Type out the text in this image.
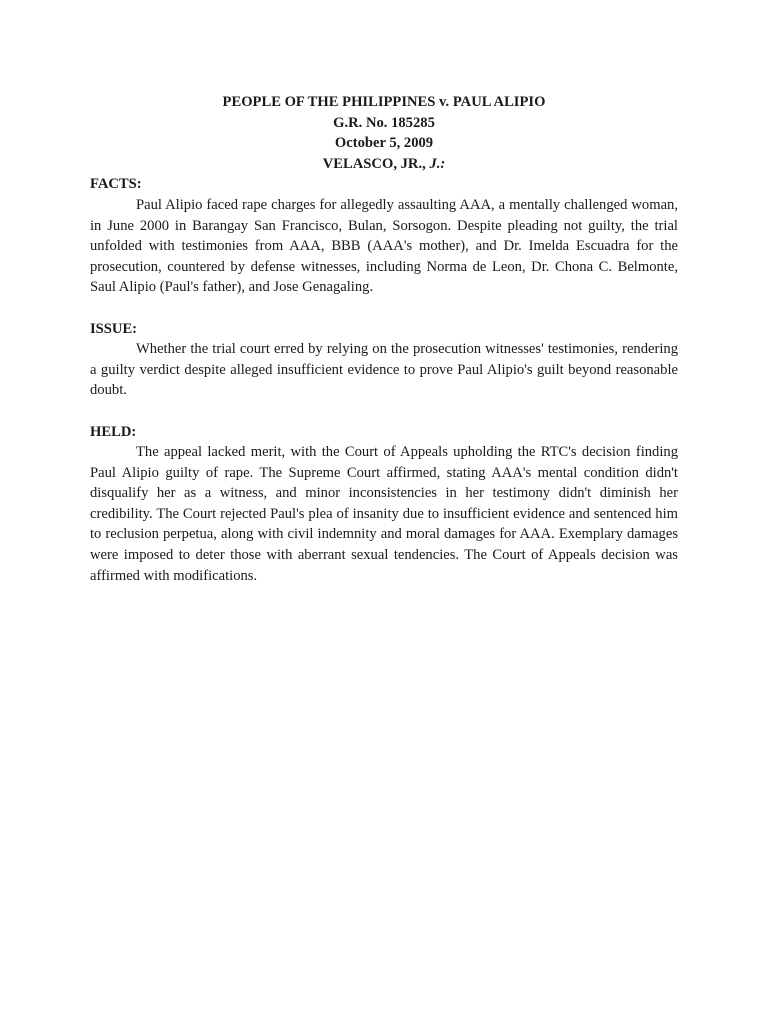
PEOPLE OF THE PHILIPPINES v. PAUL ALIPIO
G.R. No. 185285
October 5, 2009
VELASCO, JR., J.:
FACTS:

Paul Alipio faced rape charges for allegedly assaulting AAA, a mentally challenged woman, in June 2000 in Barangay San Francisco, Bulan, Sorsogon. Despite pleading not guilty, the trial unfolded with testimonies from AAA, BBB (AAA's mother), and Dr. Imelda Escuadra for the prosecution, countered by defense witnesses, including Norma de Leon, Dr. Chona C. Belmonte, Saul Alipio (Paul's father), and Jose Genagaling.

ISSUE:

Whether the trial court erred by relying on the prosecution witnesses' testimonies, rendering a guilty verdict despite alleged insufficient evidence to prove Paul Alipio's guilt beyond reasonable doubt.

HELD:

The appeal lacked merit, with the Court of Appeals upholding the RTC's decision finding Paul Alipio guilty of rape. The Supreme Court affirmed, stating AAA's mental condition didn't disqualify her as a witness, and minor inconsistencies in her testimony didn't diminish her credibility. The Court rejected Paul's plea of insanity due to insufficient evidence and sentenced him to reclusion perpetua, along with civil indemnity and moral damages for AAA. Exemplary damages were imposed to deter those with aberrant sexual tendencies. The Court of Appeals decision was affirmed with modifications.
